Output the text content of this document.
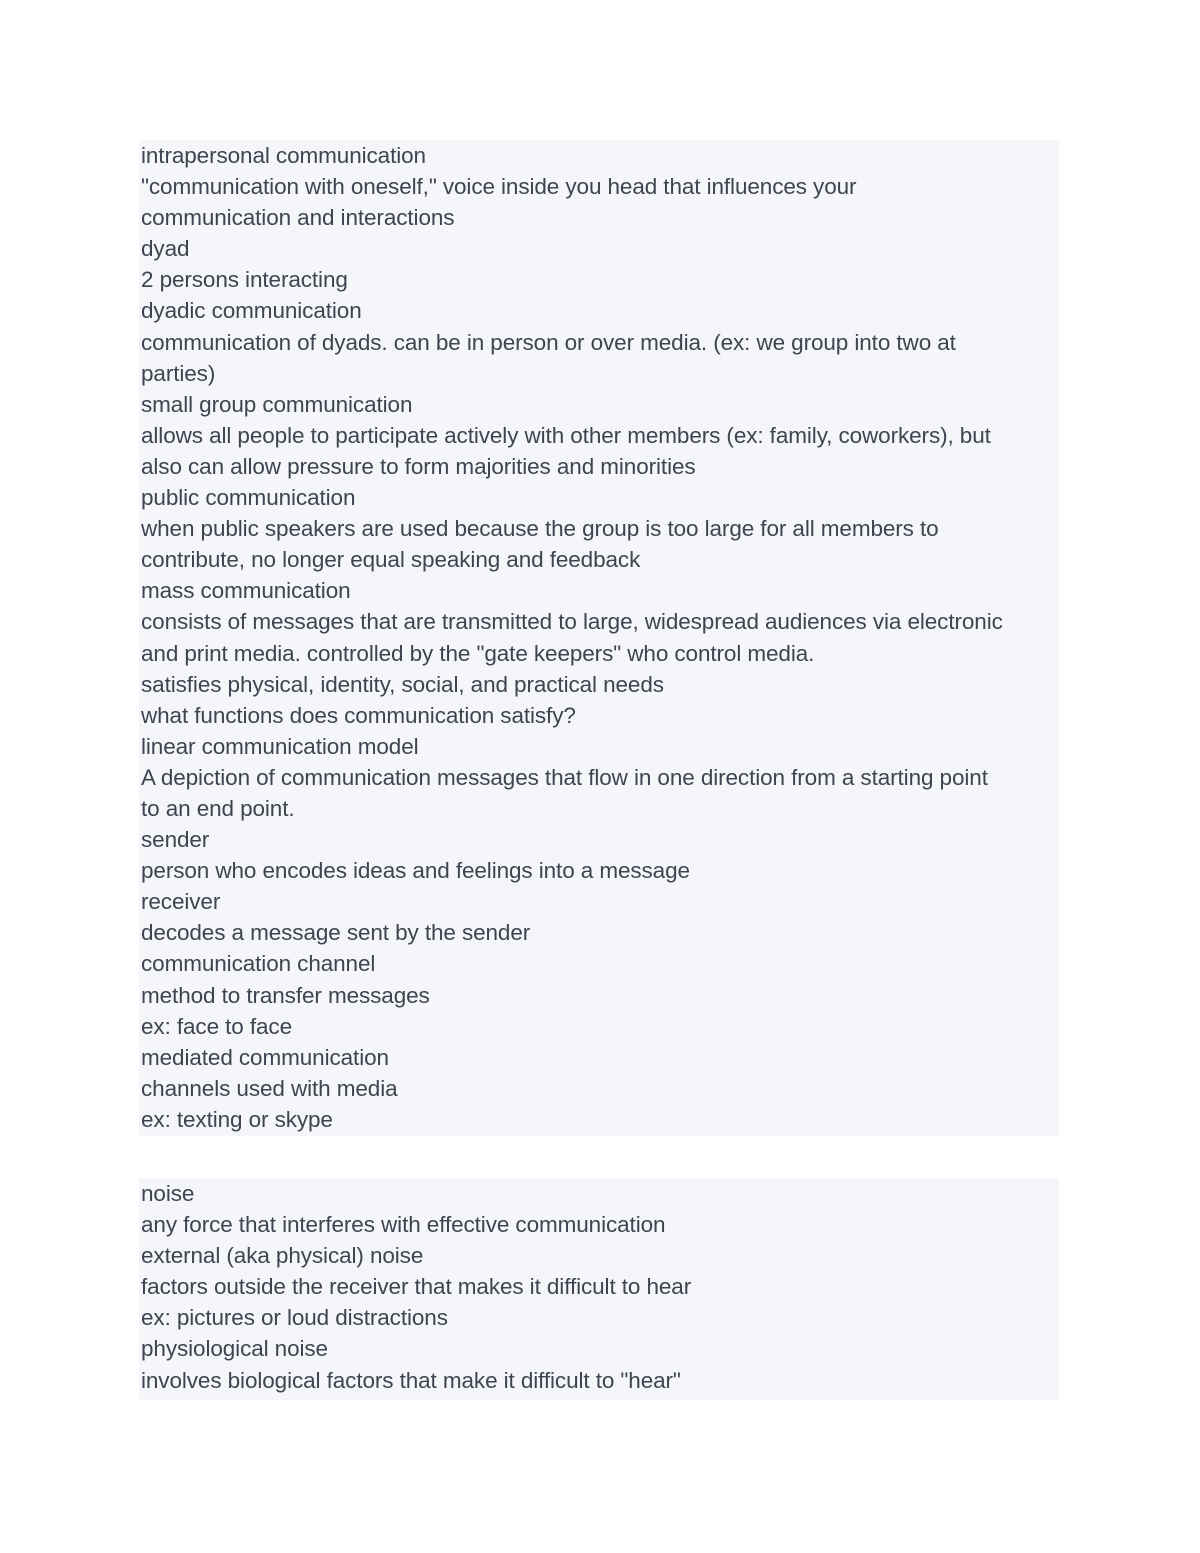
intrapersonal communication
"communication with oneself," voice inside you head that influences your
communication and interactions
dyad
2 persons interacting
dyadic communication
communication of dyads. can be in person or over media. (ex: we group into two at
parties)
small group communication
allows all people to participate actively with other members (ex: family, coworkers), but
also can allow pressure to form majorities and minorities
public communication
when public speakers are used because the group is too large for all members to
contribute, no longer equal speaking and feedback
mass communication
consists of messages that are transmitted to large, widespread audiences via electronic
and print media. controlled by the "gate keepers" who control media.
satisfies physical, identity, social, and practical needs
what functions does communication satisfy?
linear communication model
A depiction of communication messages that flow in one direction from a starting point
to an end point.
sender
person who encodes ideas and feelings into a message
receiver
decodes a message sent by the sender
communication channel
method to transfer messages
ex: face to face
mediated communication
channels used with media
ex: texting or skype
noise
any force that interferes with effective communication
external (aka physical) noise
factors outside the receiver that makes it difficult to hear
ex: pictures or loud distractions
physiological noise
involves biological factors that make it difficult to "hear"
